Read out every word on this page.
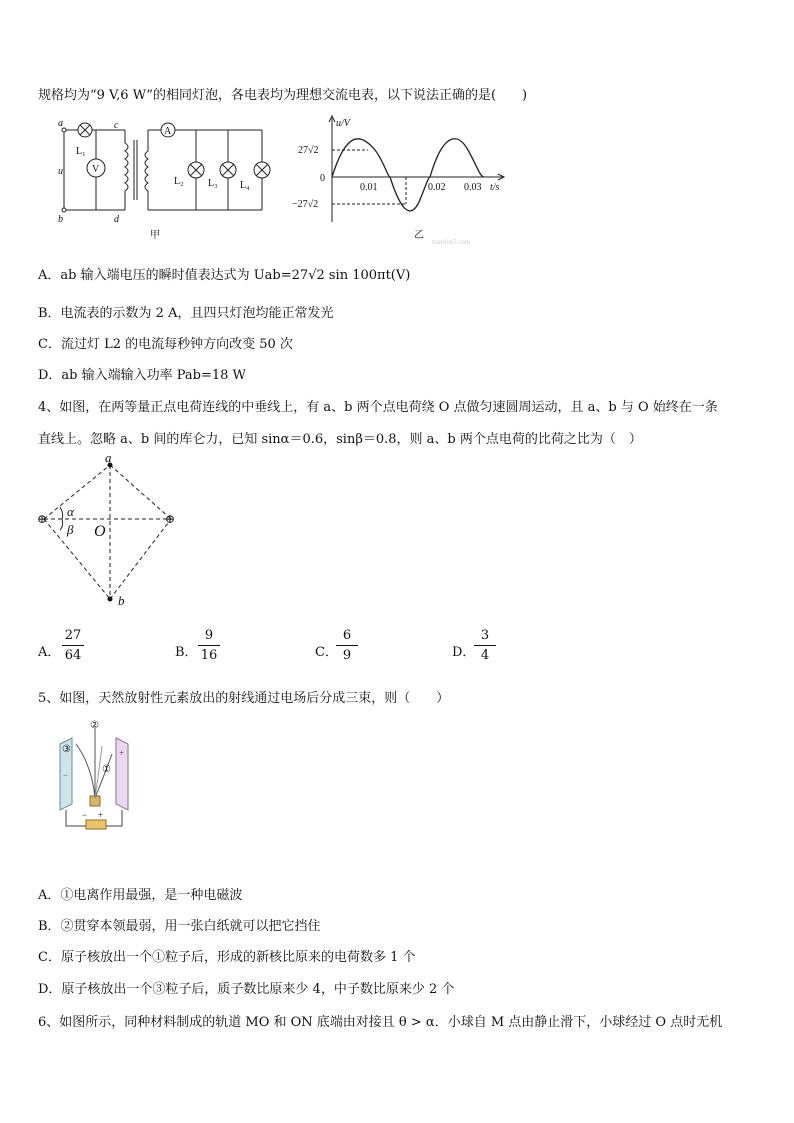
规格均为“9 V,6 W”的相同灯泡，各电表均为理想交流电表，以下说法正确的是(　　)
a
b
u
c
d
L₁
V
A
L₂ L₃ L₄
甲
u/V
27√2
0
−27√2
0.01	0.02 0.03 t/s
乙
manfen5.com
A．ab 输入端电压的瞬时值表达式为 Uab=27√2 sin 100πt(V)
B．电流表的示数为 2 A，且四只灯泡均能正常发光
C．流过灯 L2 的电流每秒钟方向改变 50 次
D．ab 输入端输入功率 Pab=18 W
4、如图，在两等量正点电荷连线的中垂线上，有 a、b 两个点电荷绕 O 点做匀速圆周运动，且 a、b 与 O 始终在一条
直线上。忽略 a、b 间的库仑力，已知 sinα＝0.6，sinβ＝0.8，则 a、b 两个点电荷的比荷之比为（　）
a
b
O
α
β
⊕	⊕
A．
27
64	B．
9
16	C．
6
9	D．
3
4
5、如图，天然放射性元素放出的射线通过电场后分成三束，则（　　）
③
②
①
−
+
− +
A．①电离作用最强，是一种电磁波
B．②贯穿本领最弱，用一张白纸就可以把它挡住
C．原子核放出一个①粒子后，形成的新核比原来的电荷数多 1 个
D．原子核放出一个③粒子后，质子数比原来少 4，中子数比原来少 2 个
6、如图所示，同种材料制成的轨道 MO 和 ON 底端由对接且 θ > α．小球自 M 点由静止滑下，小球经过 O 点时无机
